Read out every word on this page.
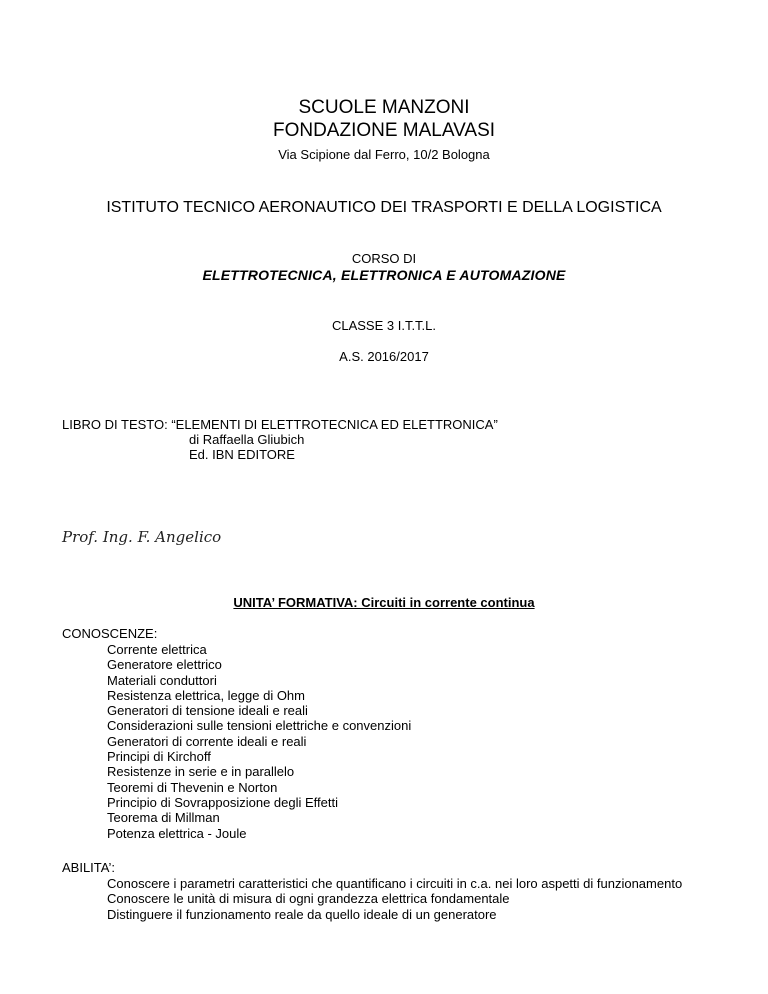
SCUOLE MANZONI
FONDAZIONE MALAVASI
Via Scipione dal Ferro, 10/2 Bologna
ISTITUTO TECNICO AERONAUTICO DEI TRASPORTI E DELLA LOGISTICA
CORSO DI
ELETTROTECNICA, ELETTRONICA E AUTOMAZIONE
CLASSE 3 I.T.T.L.
A.S. 2016/2017
LIBRO DI TESTO: “ELEMENTI DI ELETTROTECNICA ED ELETTRONICA”
di Raffaella Gliubich
Ed. IBN EDITORE
Prof. Ing. F. Angelico
UNITA’ FORMATIVA: Circuiti in corrente continua
CONOSCENZE:
Corrente elettrica
Generatore elettrico
Materiali conduttori
Resistenza elettrica, legge di Ohm
Generatori di tensione ideali e reali
Considerazioni sulle tensioni elettriche e convenzioni
Generatori di corrente ideali e reali
Principi di Kirchoff
Resistenze in serie e in parallelo
Teoremi di Thevenin e Norton
Principio di Sovrapposizione degli Effetti
Teorema di Millman
Potenza elettrica - Joule
ABILITA’:
Conoscere i parametri caratteristici che quantificano i circuiti in c.a. nei loro aspetti di funzionamento
Conoscere le unità di misura di ogni grandezza elettrica fondamentale
Distinguere il funzionamento reale da quello ideale di un generatore
